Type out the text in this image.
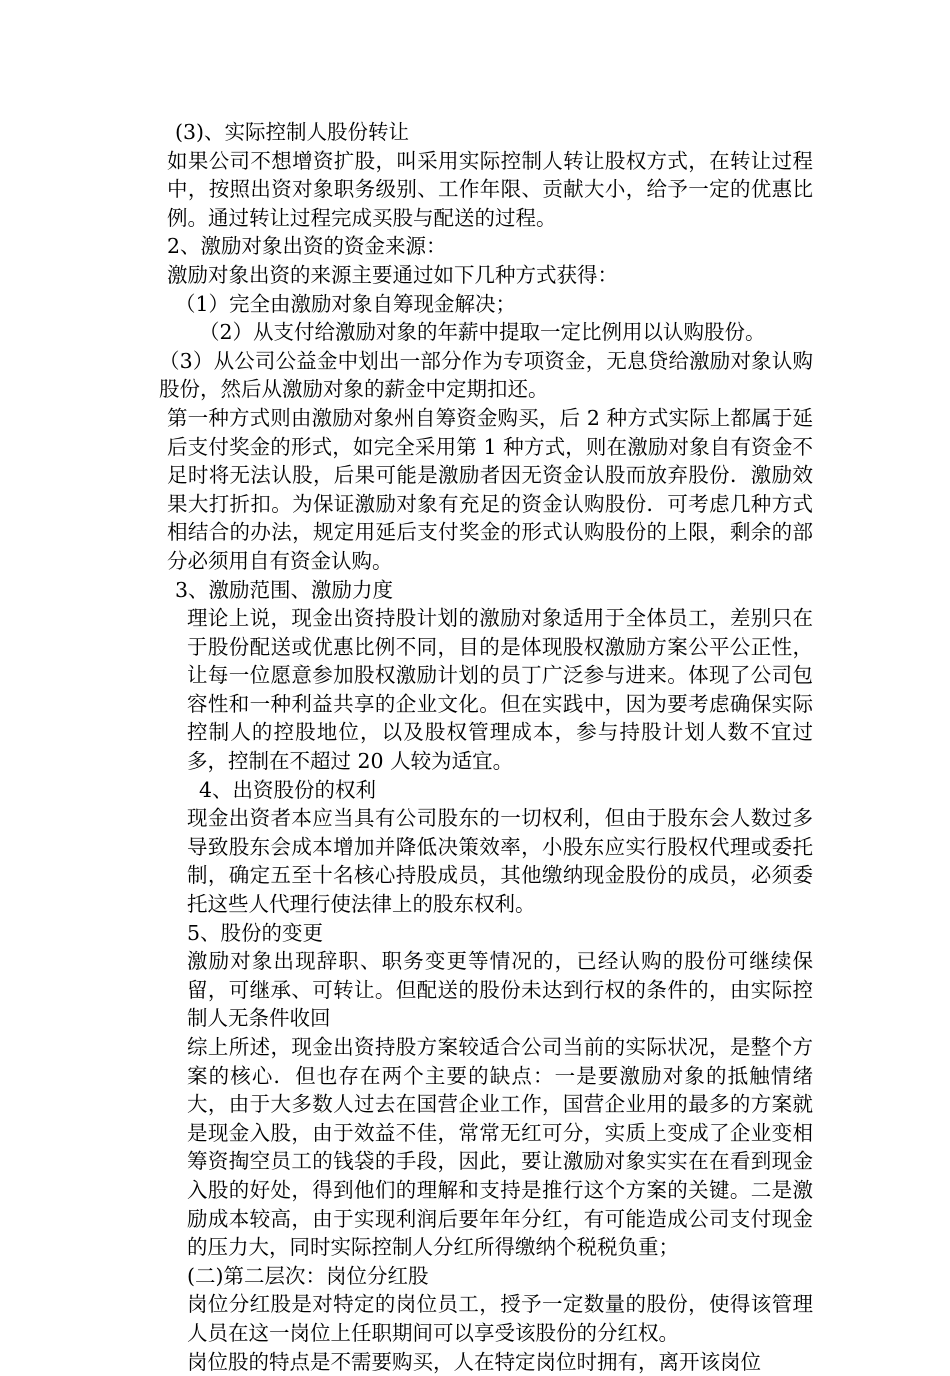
(3)、实际控制人股份转让

如果公司不想增资扩股，叫采用实际控制人转让股权方式，在转让过程中，按照出资对象职务级别、工作年限、贡献大小，给予一定的优惠比例。通过转让过程完成买股与配送的过程。

2、激励对象出资的资金来源：
激励对象出资的来源主要通过如下几种方式获得：
（1）完全由激励对象自筹现金解决；
（2）从支付给激励对象的年薪中提取一定比例用以认购股份。

（3）从公司公益金中划出一部分作为专项资金，无息贷给激励对象认购股份，然后从激励对象的薪金中定期扣还。

第一种方式则由激励对象州自筹资金购买，后 2 种方式实际上都属于延后支付奖金的形式，如完全采用第 1 种方式，则在激励对象自有资金不足时将无法认股，后果可能是激励者因无资金认股而放弃股份．激励效果大打折扣。为保证激励对象有充足的资金认购股份．可考虑几种方式相结合的办法，规定用延后支付奖金的形式认购股份的上限，剩余的部分必须用自有资金认购。

3、激励范围、激励力度

理论上说，现金出资持股计划的激励对象适用于全体员工，差别只在于股份配送或优惠比例不同，目的是体现股权激励方案公平公正性，让每一位愿意参加股权激励计划的员丁广泛参与进来。体现了公司包容性和一种利益共享的企业文化。但在实践中，因为要考虑确保实际控制人的控股地位，以及股权管理成本，参与持股计划人数不宜过多，控制在不超过 20 人较为适宜。

4、出资股份的权利

现金出资者本应当具有公司股东的一切权利，但由于股东会人数过多导致股东会成本增加并降低决策效率，小股东应实行股权代理或委托制，确定五至十名核心持股成员，其他缴纳现金股份的成员，必须委托这些人代理行使法律上的股东权利。

5、股份的变更

激励对象出现辞职、职务变更等情况的，已经认购的股份可继续保留，可继承、可转让。但配送的股份未达到行权的条件的，由实际控制人无条件收回

综上所述，现金出资持股方案较适合公司当前的实际状况，是整个方案的核心．但也存在两个主要的缺点：一是要激励对象的抵触情绪大，由于大多数人过去在国营企业工作，国营企业用的最多的方案就是现金入股，由于效益不佳，常常无红可分，实质上变成了企业变相筹资掏空员工的钱袋的手段，因此，要让激励对象实实在在看到现金入股的好处，得到他们的理解和支持是推行这个方案的关键。二是激励成本较高，由于实现利润后要年年分红，有可能造成公司支付现金的压力大，同时实际控制人分红所得缴纳个税税负重；

(二)第二层次：岗位分红股

岗位分红股是对特定的岗位员工，授予一定数量的股份，使得该管理人员在这一岗位上任职期间可以享受该股份的分红权。

岗位股的特点是不需要购买，人在特定岗位时拥有，离开该岗位
